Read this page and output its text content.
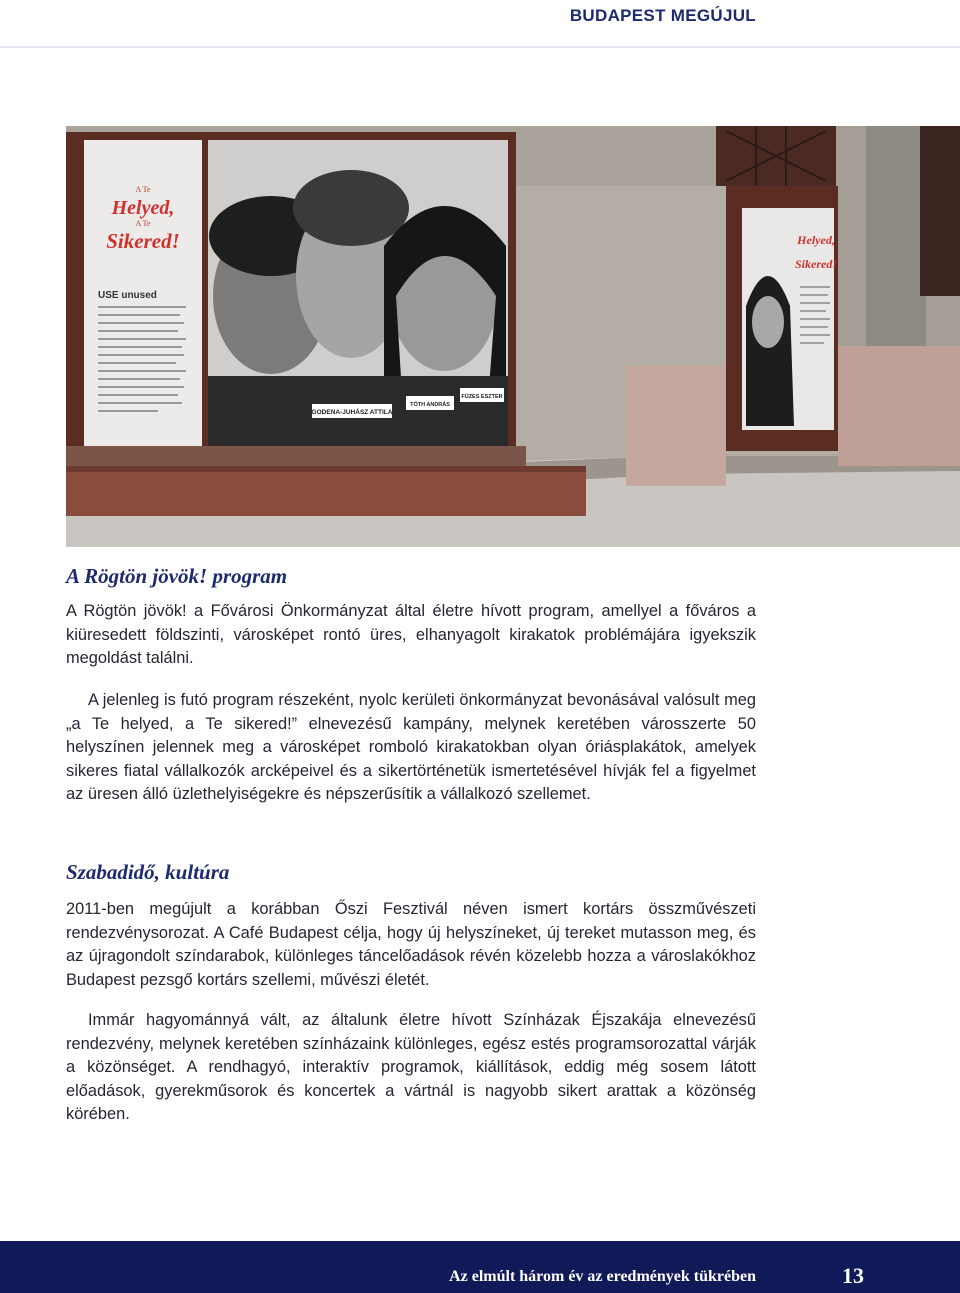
BUDAPEST MEGÚJUL
A Te
Helyed,
A Te
Sikered!
USE unused
GODENA-JUHÁSZ ATTILA
TÓTH ANDRÁS
FÜZES ESZTER
Helyed,
Sikered!
A Rögtön jövök! program

A Rögtön jövök! a Fővárosi Önkormányzat által életre hívott program, amellyel a főváros a kiüresedett földszinti, városképet rontó üres, elhanyagolt kirakatok problémájára igyekszik megoldást találni.

A jelenleg is futó program részeként, nyolc kerületi önkormányzat bevonásával valósult meg „a Te helyed, a Te sikered!” elnevezésű kampány, melynek keretében városszerte 50 helyszínen jelennek meg a városképet romboló kirakatokban olyan óriásplakátok, amelyek sikeres fiatal vállalkozók arcképeivel és a sikertörténetük ismertetésével hívják fel a figyelmet az üresen álló üzlethelyiségekre és népszerűsítik a vállalkozó szellemet.

Szabadidő, kultúra

2011-ben megújult a korábban Őszi Fesztivál néven ismert kortárs összművészeti rendezvénysorozat. A Café Budapest célja, hogy új helyszíneket, új tereket mutasson meg, és az újragondolt színdarabok, különleges táncelőadások révén közelebb hozza a városlakókhoz Budapest pezsgő kortárs szellemi, művészi életét.

Immár hagyománnyá vált, az általunk életre hívott Színházak Éjszakája elnevezésű rendezvény, melynek keretében színházaink különleges, egész estés programsorozattal várják a közönséget. A rendhagyó, interaktív programok, kiállítások, eddig még sosem látott előadások, gyerekműsorok és koncertek a vártnál is nagyobb sikert arattak a közönség körében.

Az elmúlt három év az eredmények tükrében	13
